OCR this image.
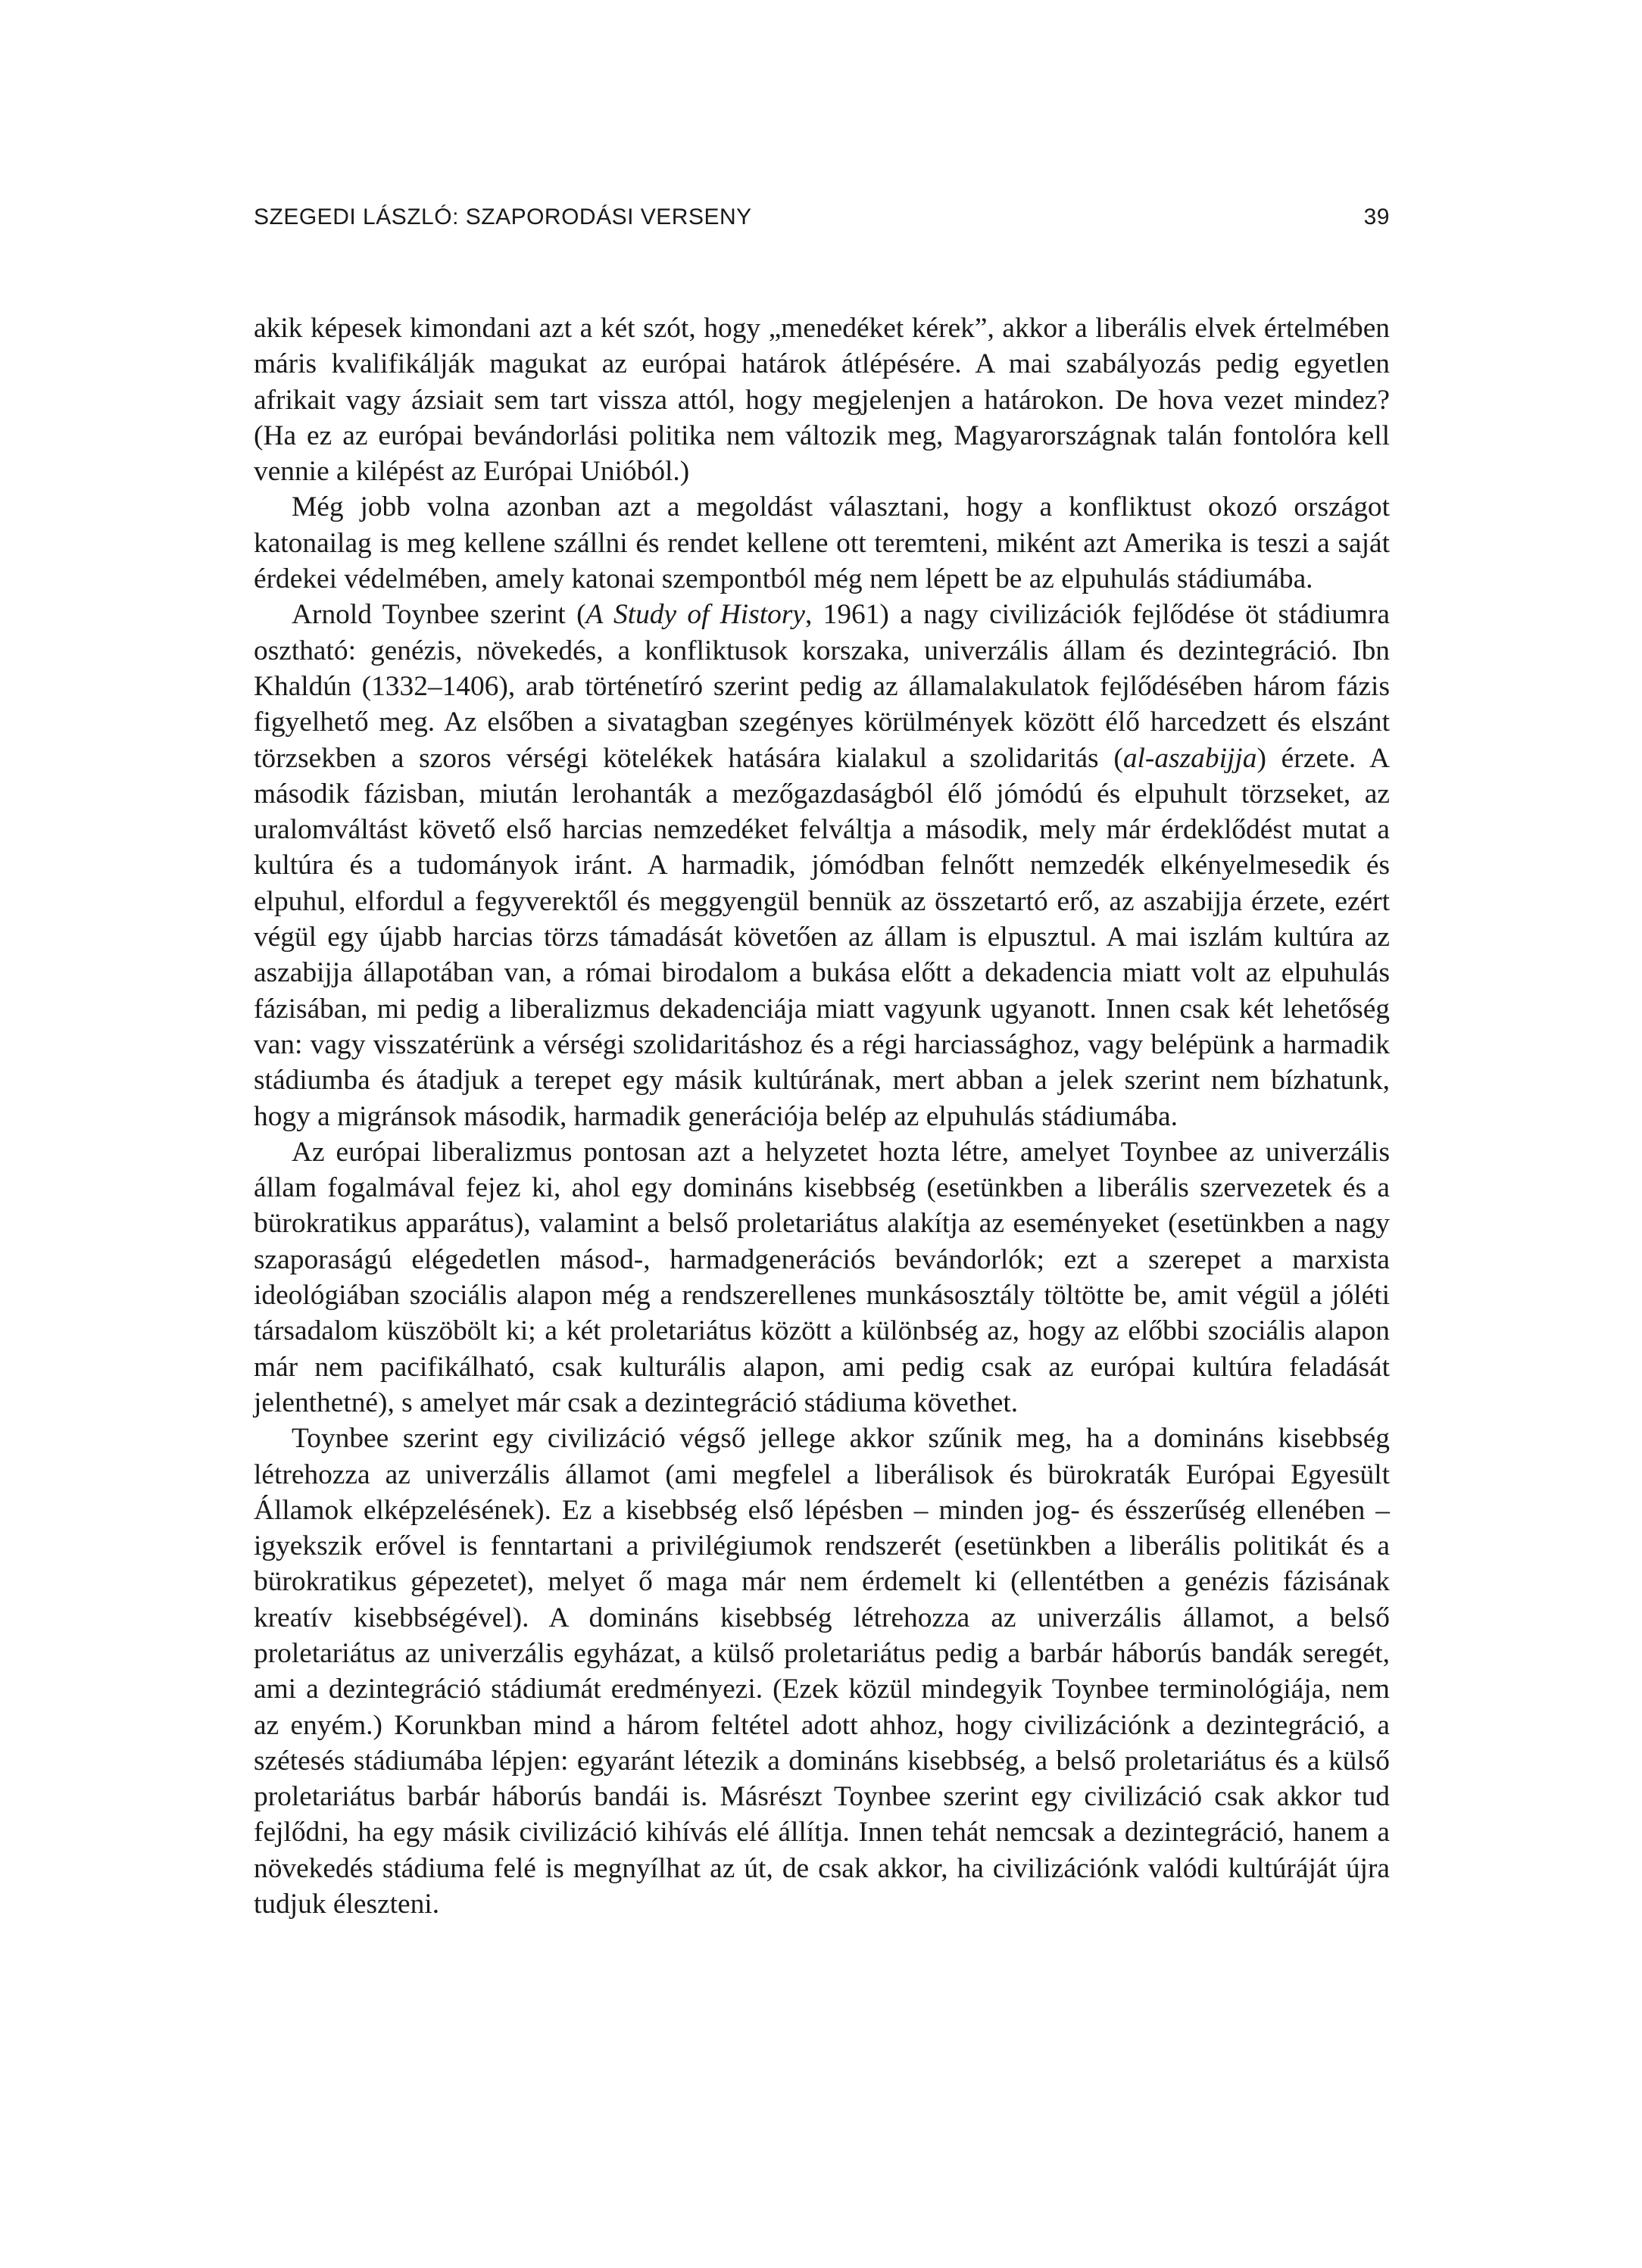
SZEGEDI LÁSZLÓ: SZAPORODÁSI VERSENY	39

akik képesek kimondani azt a két szót, hogy „menedéket kérek”, akkor a liberális elvek értelmében máris kvalifikálják magukat az európai határok átlépésére. A mai szabályozás pedig egyetlen afrikait vagy ázsiait sem tart vissza attól, hogy megjelenjen a határokon. De hova vezet mindez? (Ha ez az európai bevándorlási politika nem változik meg, Magyarországnak talán fontolóra kell vennie a kilépést az Európai Unióból.)

Még jobb volna azonban azt a megoldást választani, hogy a konfliktust okozó országot katonailag is meg kellene szállni és rendet kellene ott teremteni, miként azt Amerika is teszi a saját érdekei védelmében, amely katonai szempontból még nem lépett be az elpuhulás stádiumába.

Arnold Toynbee szerint (A Study of History, 1961) a nagy civilizációk fejlődése öt stádiumra osztható: genézis, növekedés, a konfliktusok korszaka, univerzális állam és dezintegráció. Ibn Khaldún (1332–1406), arab történetíró szerint pedig az államalakulatok fejlődésében három fázis figyelhető meg. Az elsőben a sivatagban szegényes körülmények között élő harcedzett és elszánt törzsekben a szoros vérségi kötelékek hatására kialakul a szolidaritás (al-aszabijja) érzete. A második fázisban, miután lerohanták a mezőgazdaságból élő jómódú és elpuhult törzseket, az uralomváltást követő első harcias nemzedéket felváltja a második, mely már érdeklődést mutat a kultúra és a tudományok iránt. A harmadik, jómódban felnőtt nemzedék elkényelmesedik és elpuhul, elfordul a fegyverektől és meggyengül bennük az összetartó erő, az aszabijja érzete, ezért végül egy újabb harcias törzs támadását követően az állam is elpusztul. A mai iszlám kultúra az aszabijja állapotában van, a római birodalom a bukása előtt a dekadencia miatt volt az elpuhulás fázisában, mi pedig a liberalizmus dekadenciája miatt vagyunk ugyanott. Innen csak két lehetőség van: vagy visszatérünk a vérségi szolidaritáshoz és a régi harciassághoz, vagy belépünk a harmadik stádiumba és átadjuk a terepet egy másik kultúrának, mert abban a jelek szerint nem bízhatunk, hogy a migránsok második, harmadik generációja belép az elpuhulás stádiumába.

Az európai liberalizmus pontosan azt a helyzetet hozta létre, amelyet Toynbee az univerzális állam fogalmával fejez ki, ahol egy domináns kisebbség (esetünkben a liberális szervezetek és a bürokratikus apparátus), valamint a belső proletariátus alakítja az eseményeket (esetünkben a nagy szaporaságú elégedetlen másod-, harmadgenerációs bevándorlók; ezt a szerepet a marxista ideológiában szociális alapon még a rendszerellenes munkásosztály töltötte be, amit végül a jóléti társadalom küszöbölt ki; a két proletariátus között a különbség az, hogy az előbbi szociális alapon már nem pacifikálható, csak kulturális alapon, ami pedig csak az európai kultúra feladását jelenthetné), s amelyet már csak a dezintegráció stádiuma követhet.

Toynbee szerint egy civilizáció végső jellege akkor szűnik meg, ha a domináns kisebbség létrehozza az univerzális államot (ami megfelel a liberálisok és bürokraták Európai Egyesült Államok elképzelésének). Ez a kisebbség első lépésben – minden jog- és ésszerűség ellenében – igyekszik erővel is fenntartani a privilégiumok rendszerét (esetünkben a liberális politikát és a bürokratikus gépezetet), melyet ő maga már nem érdemelt ki (ellentétben a genézis fázisának kreatív kisebbségével). A domináns kisebbség létrehozza az univerzális államot, a belső proletariátus az univerzális egyházat, a külső proletariátus pedig a barbár háborús bandák seregét, ami a dezintegráció stádiumát eredményezi. (Ezek közül mindegyik Toynbee terminológiája, nem az enyém.) Korunkban mind a három feltétel adott ahhoz, hogy civilizációnk a dezintegráció, a szétesés stádiumába lépjen: egyaránt létezik a domináns kisebbség, a belső proletariátus és a külső proletariátus barbár háborús bandái is. Másrészt Toynbee szerint egy civilizáció csak akkor tud fejlődni, ha egy másik civilizáció kihívás elé állítja. Innen tehát nemcsak a dezintegráció, hanem a növekedés stádiuma felé is megnyílhat az út, de csak akkor, ha civilizációnk valódi kultúráját újra tudjuk éleszteni.
